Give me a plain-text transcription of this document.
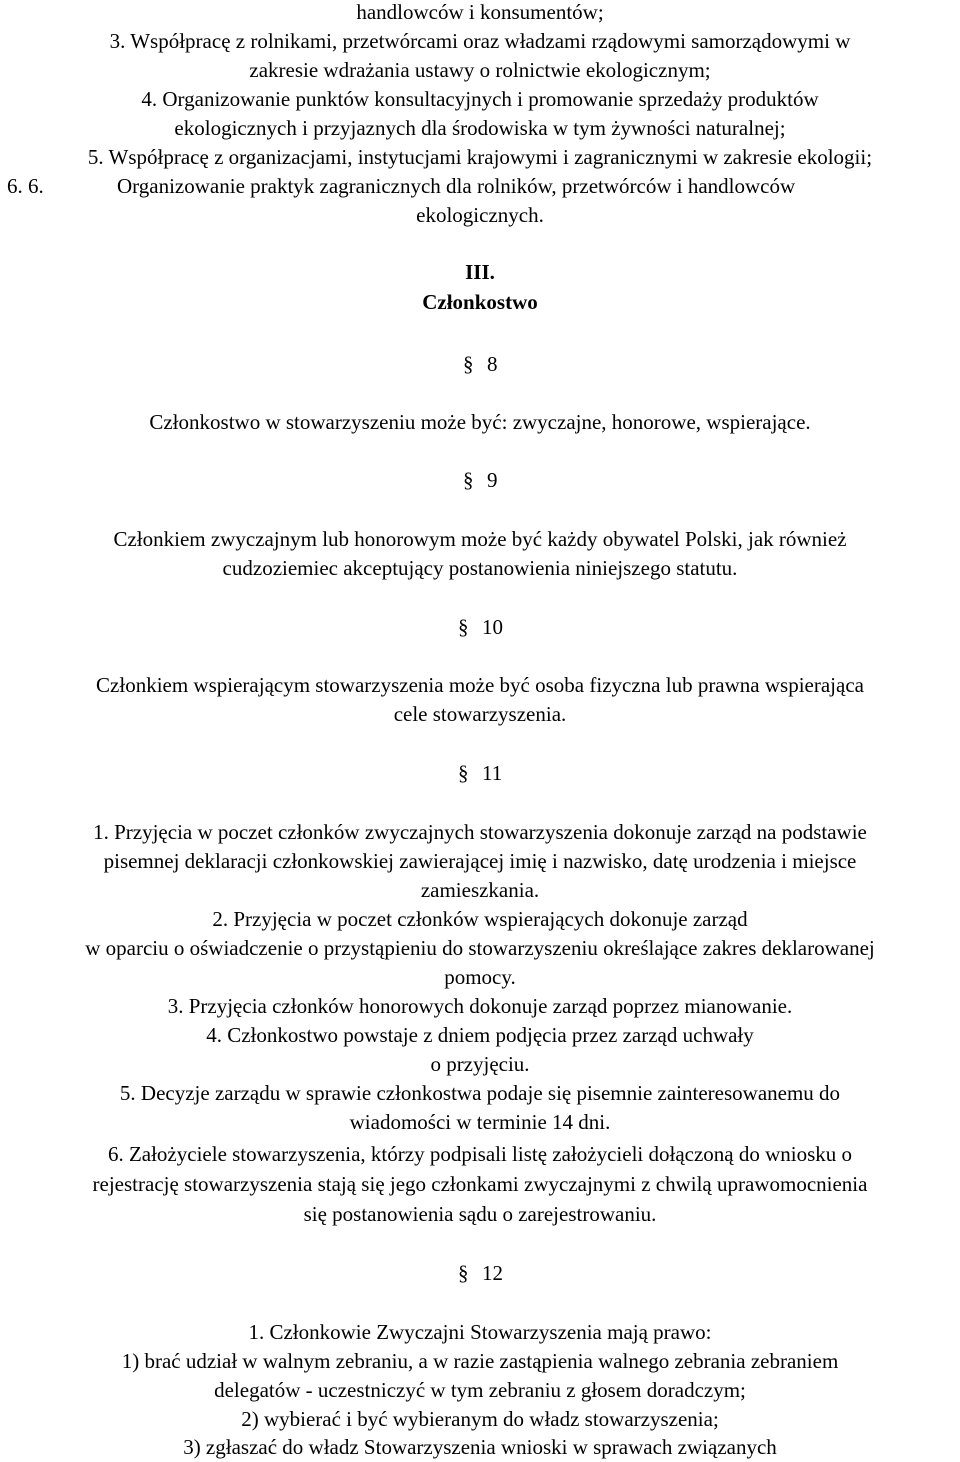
handlowców i konsumentów;
3. Współpracę z rolnikami, przetwórcami oraz władzami rządowymi samorządowymi w
zakresie wdrażania ustawy o rolnictwie ekologicznym;
4. Organizowanie punktów konsultacyjnych i promowanie sprzedaży produktów
ekologicznych i przyjaznych dla środowiska w tym żywności naturalnej;
5. Współpracę z organizacjami, instytucjami krajowymi i zagranicznymi w zakresie ekologii;
6. 6.	Organizowanie praktyk zagranicznych dla rolników, przetwórców i handlowców
ekologicznych.
III.
Członkostwo
§ 8
Członkostwo w stowarzyszeniu może być: zwyczajne, honorowe, wspierające.
§ 9
Członkiem zwyczajnym lub honorowym może być każdy obywatel Polski, jak również
cudzoziemiec akceptujący postanowienia niniejszego statutu.
§ 10
Członkiem wspierającym stowarzyszenia może być osoba fizyczna lub prawna wspierająca
cele stowarzyszenia.
§ 11
1. Przyjęcia w poczet członków zwyczajnych stowarzyszenia dokonuje zarząd na podstawie
pisemnej deklaracji członkowskiej zawierającej imię i nazwisko, datę urodzenia i miejsce
zamieszkania.
2. Przyjęcia w poczet członków wspierających dokonuje zarząd
w oparciu o oświadczenie o przystąpieniu do stowarzyszeniu określające zakres deklarowanej
pomocy.
3. Przyjęcia członków honorowych dokonuje zarząd poprzez mianowanie.
4. Członkostwo powstaje z dniem podjęcia przez zarząd uchwały
o przyjęciu.
5. Decyzje zarządu w sprawie członkostwa podaje się pisemnie zainteresowanemu do
wiadomości w terminie 14 dni.
6. Założyciele stowarzyszenia, którzy podpisali listę założycieli dołączoną do wniosku o
rejestrację stowarzyszenia stają się jego członkami zwyczajnymi z chwilą uprawomocnienia
się postanowienia sądu o zarejestrowaniu.
§ 12
1. Członkowie Zwyczajni Stowarzyszenia mają prawo:
1) brać udział w walnym zebraniu, a w razie zastąpienia walnego zebrania zebraniem
delegatów - uczestniczyć w tym zebraniu z głosem doradczym;
2) wybierać i być wybieranym do władz stowarzyszenia;
3) zgłaszać do władz Stowarzyszenia wnioski w sprawach związanych
